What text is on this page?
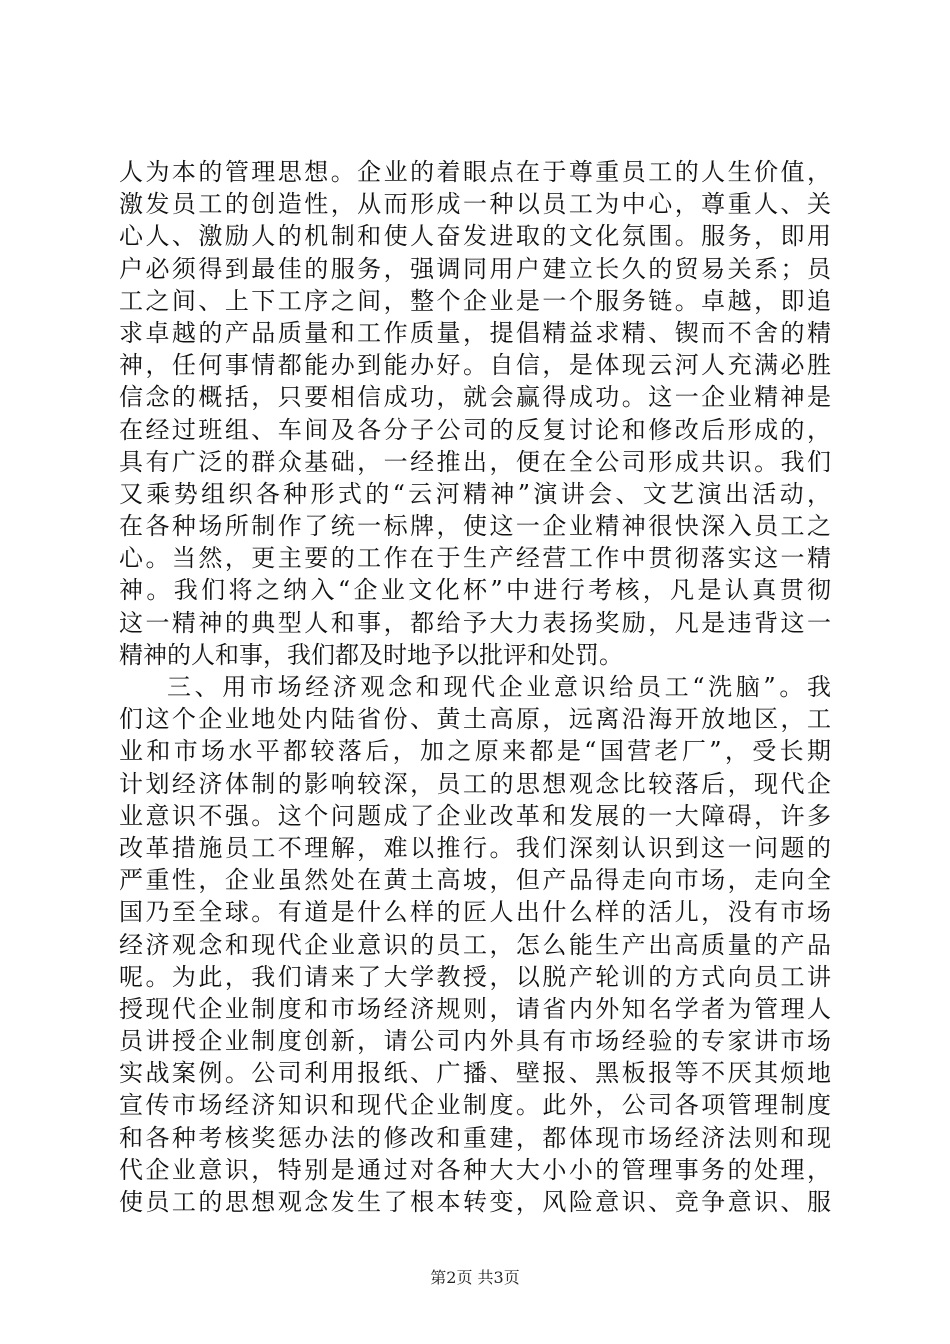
人为本的管理思想。企业的着眼点在于尊重员工的人生价值，
激发员工的创造性，从而形成一种以员工为中心，尊重人、关
心人、激励人的机制和使人奋发进取的文化氛围。服务，即用
户必须得到最佳的服务，强调同用户建立长久的贸易关系；员
工之间、上下工序之间，整个企业是一个服务链。卓越，即追
求卓越的产品质量和工作质量，提倡精益求精、锲而不舍的精
神，任何事情都能办到能办好。自信，是体现云河人充满必胜
信念的概括，只要相信成功，就会赢得成功。这一企业精神是
在经过班组、车间及各分子公司的反复讨论和修改后形成的，
具有广泛的群众基础，一经推出，便在全公司形成共识。我们
又乘势组织各种形式的“云河精神”演讲会、文艺演出活动，
在各种场所制作了统一标牌，使这一企业精神很快深入员工之
心。当然，更主要的工作在于生产经营工作中贯彻落实这一精
神。我们将之纳入“企业文化杯”中进行考核，凡是认真贯彻
这一精神的典型人和事，都给予大力表扬奖励，凡是违背这一
精神的人和事，我们都及时地予以批评和处罚。
三、用市场经济观念和现代企业意识给员工“洗脑”。我
们这个企业地处内陆省份、黄土高原，远离沿海开放地区，工
业和市场水平都较落后，加之原来都是“国营老厂”，受长期
计划经济体制的影响较深，员工的思想观念比较落后，现代企
业意识不强。这个问题成了企业改革和发展的一大障碍，许多
改革措施员工不理解，难以推行。我们深刻认识到这一问题的
严重性，企业虽然处在黄土高坡，但产品得走向市场，走向全
国乃至全球。有道是什么样的匠人出什么样的活儿，没有市场
经济观念和现代企业意识的员工，怎么能生产出高质量的产品
呢。为此，我们请来了大学教授，以脱产轮训的方式向员工讲
授现代企业制度和市场经济规则，请省内外知名学者为管理人
员讲授企业制度创新，请公司内外具有市场经验的专家讲市场
实战案例。公司利用报纸、广播、壁报、黑板报等不厌其烦地
宣传市场经济知识和现代企业制度。此外，公司各项管理制度
和各种考核奖惩办法的修改和重建，都体现市场经济法则和现
代企业意识，特别是通过对各种大大小小的管理事务的处理，
使员工的思想观念发生了根本转变，风险意识、竞争意识、服
第2页 共3页
